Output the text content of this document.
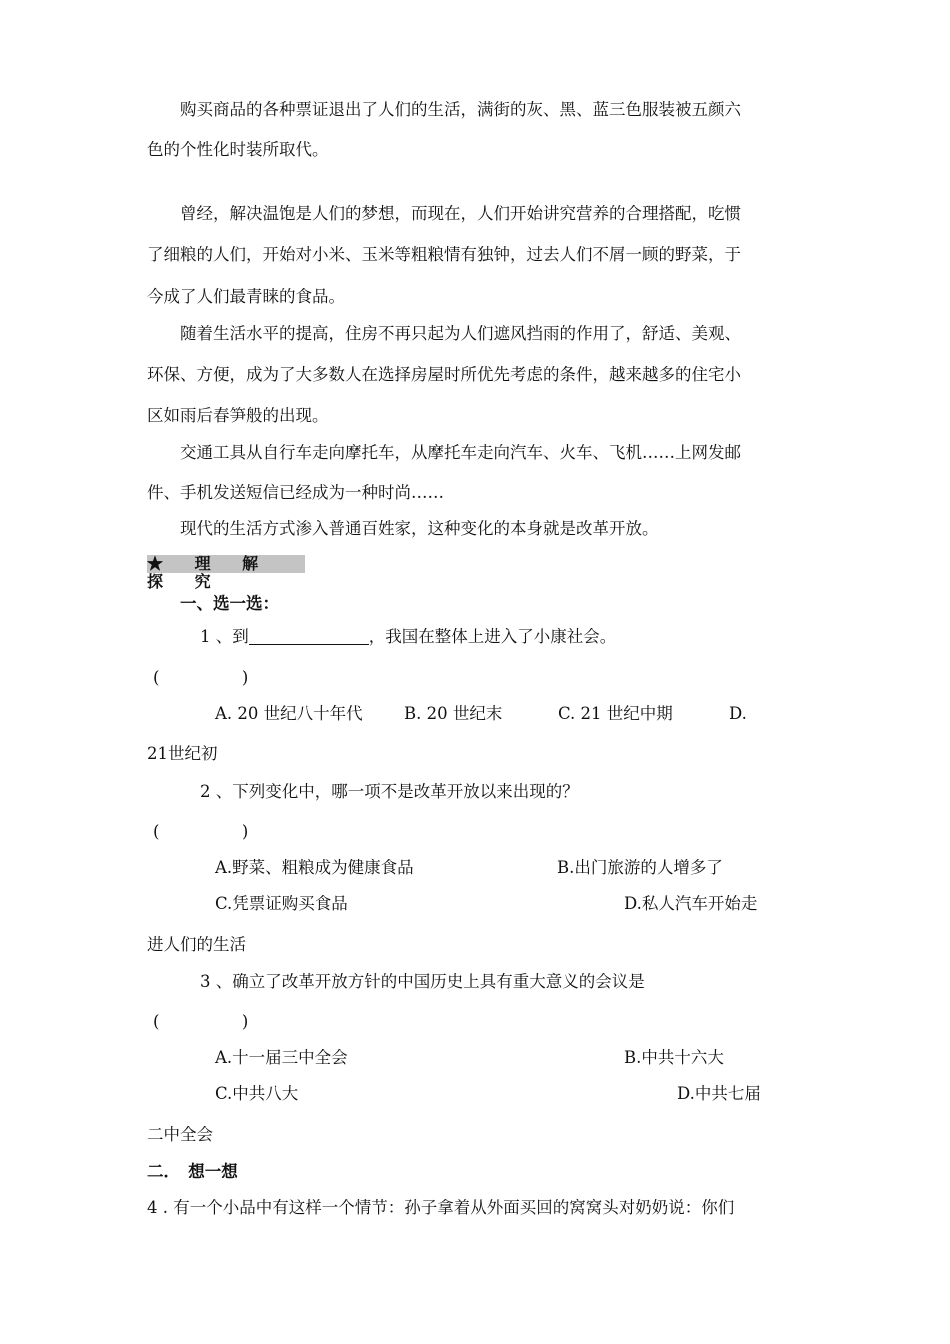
购买商品的各种票证退出了人们的生活，满街的灰、黑、蓝三色服装被五颜六
色的个性化时装所取代。
曾经，解决温饱是人们的梦想，而现在，人们开始讲究营养的合理搭配，吃惯
了细粮的人们，开始对小米、玉米等粗粮情有独钟，过去人们不屑一顾的野菜，于
今成了人们最青睐的食品。
随着生活水平的提高，住房不再只起为人们遮风挡雨的作用了，舒适、美观、
环保、方便，成为了大多数人在选择房屋时所优先考虑的条件，越来越多的住宅小
区如雨后春笋般的出现。
交通工具从自行车走向摩托车，从摩托车走向汽车、火车、飞机……上网发邮
件、手机发送短信已经成为一种时尚……
现代的生活方式渗入普通百姓家，这种变化的本身就是改革开放。
★ 理 解 探 究
一、选一选：
1 、到	，我国在整体上进入了小康社会。
(　　　　　)
A. 20 世纪八十年代	B. 20 世纪末	C. 21 世纪中期	D.
21世纪初
2 、下列变化中，哪一项不是改革开放以来出现的？
(　　　　　)
A.野菜、粗粮成为健康食品	B.出门旅游的人增多了
C.凭票证购买食品	D.私人汽车开始走
进人们的生活
3 、确立了改革开放方针的中国历史上具有重大意义的会议是
(　　　　　)
A.十一届三中全会	B.中共十六大
C.中共八大	D.中共七届
二中全会
二．　想一想
4 . 有一个小品中有这样一个情节：孙子拿着从外面买回的窝窝头对奶奶说：你们
